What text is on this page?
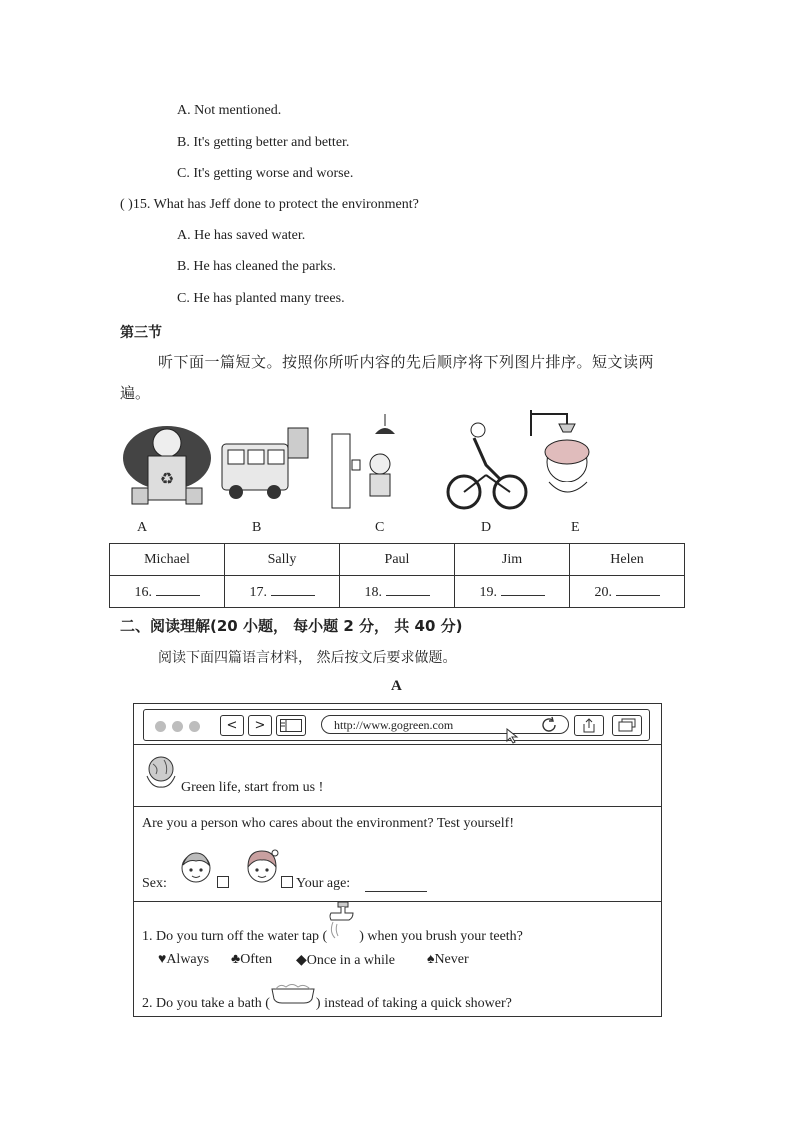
A. Not mentioned.
B. It's getting better and better.
C. It's getting worse and worse.
( )15. What has Jeff done to protect the environment?
A. He has saved water.
B. He has cleaned the parks.
C. He has planted many trees.
第三节
听下面一篇短文。按照你所听内容的先后顺序将下列图片排序。短文读两
遍。
♻
A	B	C	D	E
Michael	Sally	Paul	Jim	Helen
16.	17.	18.	19.	20.
二、阅读理解(20 小题， 每小题 2 分， 共 40 分)
阅读下面四篇语言材料， 然后按文后要求做题。
A
<	>	http://www.gogreen.com
Green life, start from us !
Are you a person who cares about the environment? Test yourself!
Sex:	Your age:
1. Do you turn off the water tap ( ) when you brush your teeth?
♥Always ♣Often ◆Once in a while ♠Never
2. Do you take a bath (	) instead of taking a quick shower?
